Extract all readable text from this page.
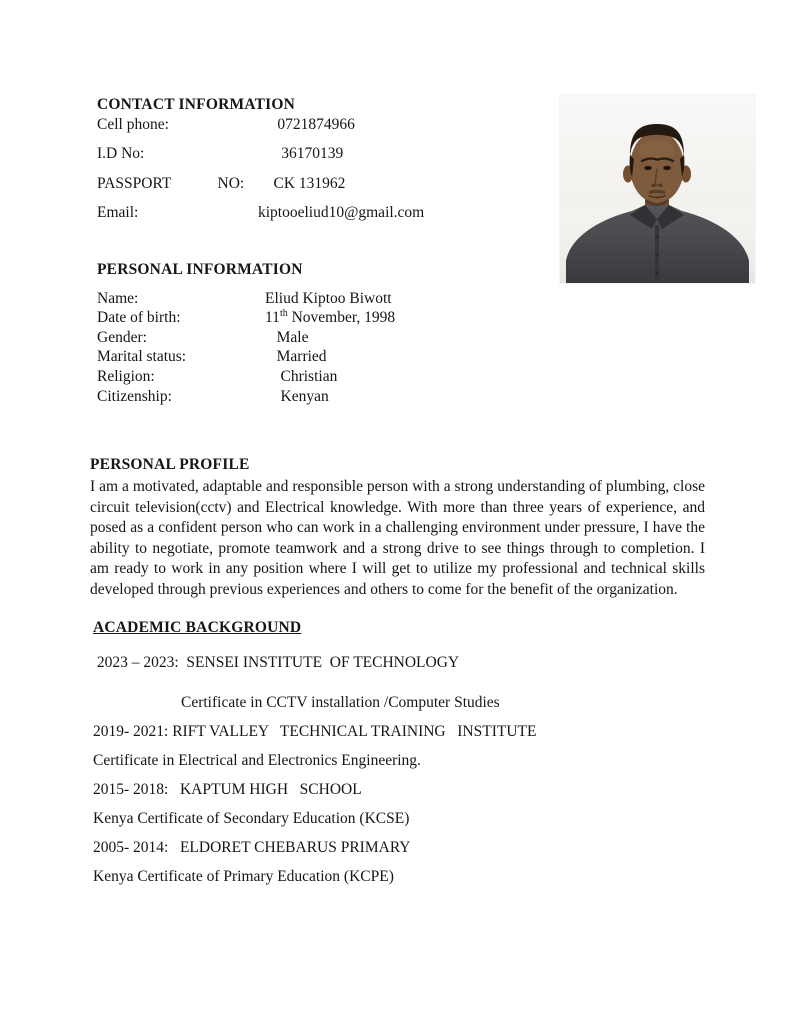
CONTACT INFORMATION
Cell phone:	0721874966
I.D No:	36170139
PASSPORT            NO: CK 131962
Email:	kiptooeliud10@gmail.com
PERSONAL INFORMATION
Name:	Eliud Kiptoo Biwott
Date of birth:	11th November, 1998
Gender:	Male
Marital status:	Married
Religion:	Christian
Citizenship:	Kenyan
PERSONAL PROFILE

I am a motivated, adaptable and responsible person with a strong understanding of plumbing, close circuit television(cctv) and Electrical knowledge. With more than three years of experience, and posed as a confident person who can work in a challenging environment under pressure, I have the ability to negotiate, promote teamwork and a strong drive to see things through to completion. I am ready to work in any position where I will get to utilize my professional and technical skills developed through previous experiences and others to come for the benefit of the organization.

ACADEMIC BACKGROUND
2023 – 2023:  SENSEI INSTITUTE  OF TECHNOLOGY
Certificate in CCTV installation /Computer Studies
2019- 2021: RIFT VALLEY   TECHNICAL TRAINING   INSTITUTE
Certificate in Electrical and Electronics Engineering.
2015- 2018:   KAPTUM HIGH   SCHOOL
Kenya Certificate of Secondary Education (KCSE)
2005- 2014:   ELDORET CHEBARUS PRIMARY
Kenya Certificate of Primary Education (KCPE)
